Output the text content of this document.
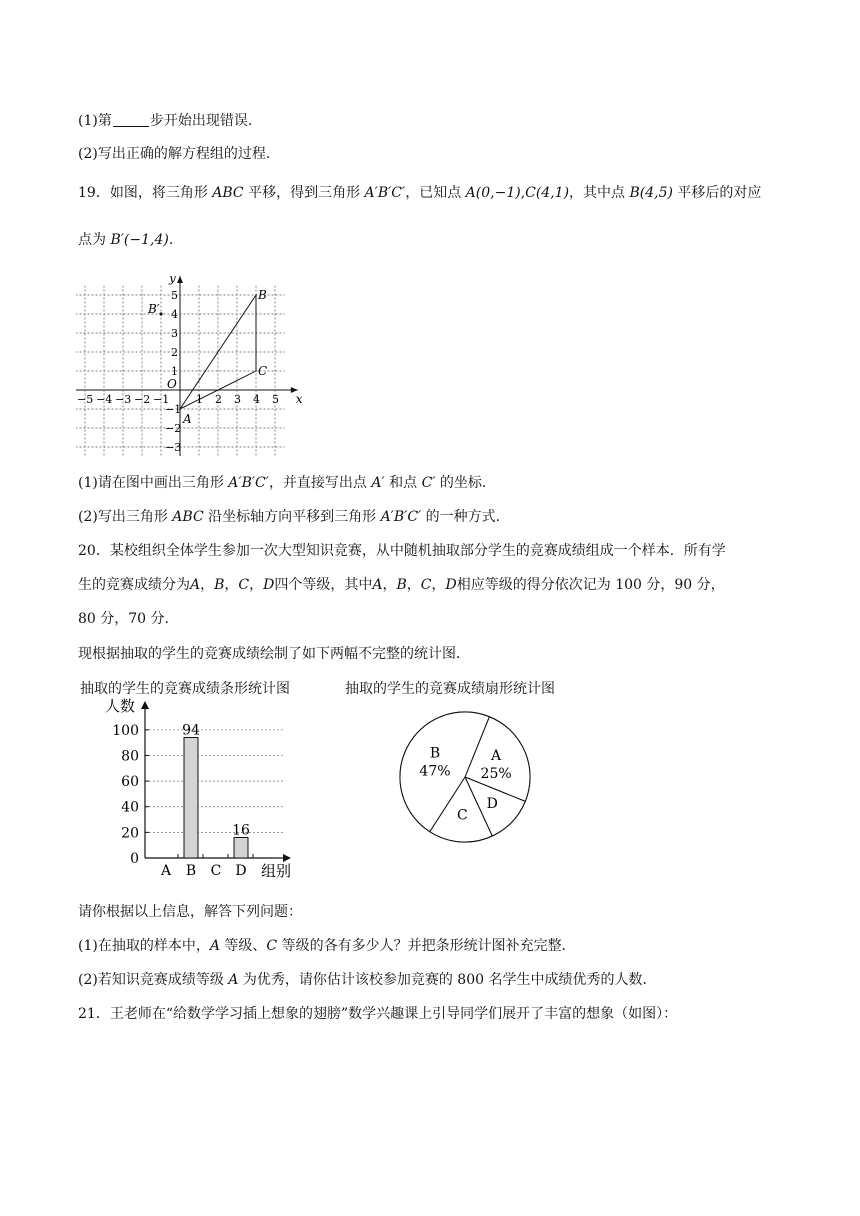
(1)第	步开始出现错误.
(2)写出正确的解方程组的过程.
19．如图，将三角形 ABC 平移，得到三角形 A′B′C′，已知点 A(0,−1),C(4,1)，其中点 B(4,5) 平移后的对应
点为 B′(−1,4).
x
y
O
−5 −4 −3 −2 −1 1 2 3 4 5
5
4
3
2
1
−1
−2
−3
A
B
C
B′
(1)请在图中画出三角形 A′B′C′，并直接写出点 A′ 和点 C′ 的坐标.
(2)写出三角形 ABC 沿坐标轴方向平移到三角形 A′B′C′ 的一种方式.
20．某校组织全体学生参加一次大型知识竞赛，从中随机抽取部分学生的竞赛成绩组成一个样本．所有学
生的竞赛成绩分为A，B，C，D四个等级，其中A，B，C，D相应等级的得分依次记为 100 分，90 分，
80 分，70 分．
现根据抽取的学生的竞赛成绩绘制了如下两幅不完整的统计图．
抽取的学生的竞赛成绩条形统计图	抽取的学生的竞赛成绩扇形统计图
0
20
40
60
80
100
人数
A B
94
C D
16
组别
A
25%
D
C
B
47%
请你根据以上信息，解答下列问题：
(1)在抽取的样本中，A 等级、C 等级的各有多少人？并把条形统计图补充完整．
(2)若知识竞赛成绩等级 A 为优秀，请你估计该校参加竞赛的 800 名学生中成绩优秀的人数．
21．王老师在“给数学学习插上想象的翅膀”数学兴趣课上引导同学们展开了丰富的想象（如图）：
